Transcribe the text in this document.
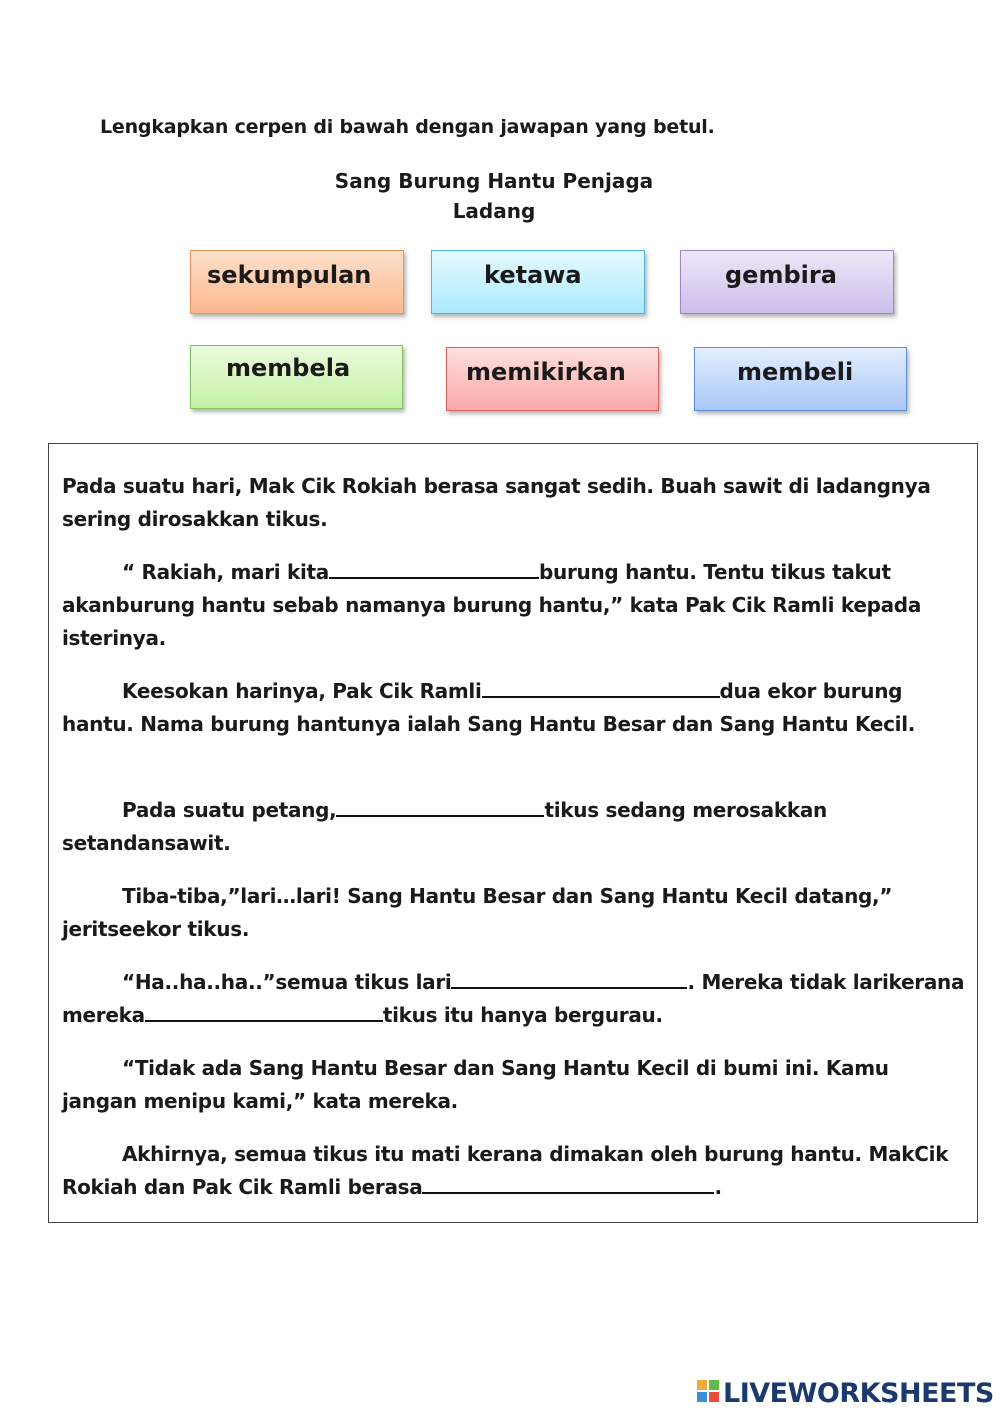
Lengkapkan cerpen di bawah dengan jawapan yang betul.
Sang Burung Hantu Penjaga
Ladang
sekumpulan	ketawa	gembira
membela	memikirkan	membeli
Pada suatu hari, Mak Cik Rokiah berasa sangat sedih. Buah sawit di ladangnya sering dirosakkan tikus.
“ Rakiah, mari kita	burung hantu. Tentu tikus takut akanburung hantu sebab namanya burung hantu,” kata Pak Cik Ramli kepada isterinya.
Keesokan harinya, Pak Cik Ramli	dua ekor burung hantu. Nama burung hantunya ialah Sang Hantu Besar dan Sang Hantu Kecil.
Pada suatu petang,	tikus sedang merosakkan setandansawit.
Tiba-tiba,”lari…lari! Sang Hantu Besar dan Sang Hantu Kecil datang,” jeritseekor tikus.
“Ha..ha..ha..”semua tikus lari	. Mereka tidak larikerana mereka	tikus itu hanya bergurau.
“Tidak ada Sang Hantu Besar dan Sang Hantu Kecil di bumi ini. Kamu jangan menipu kami,” kata mereka.
Akhirnya, semua tikus itu mati kerana dimakan oleh burung hantu. MakCik Rokiah dan Pak Cik Ramli berasa	.
LIVEWORKSHEETS
